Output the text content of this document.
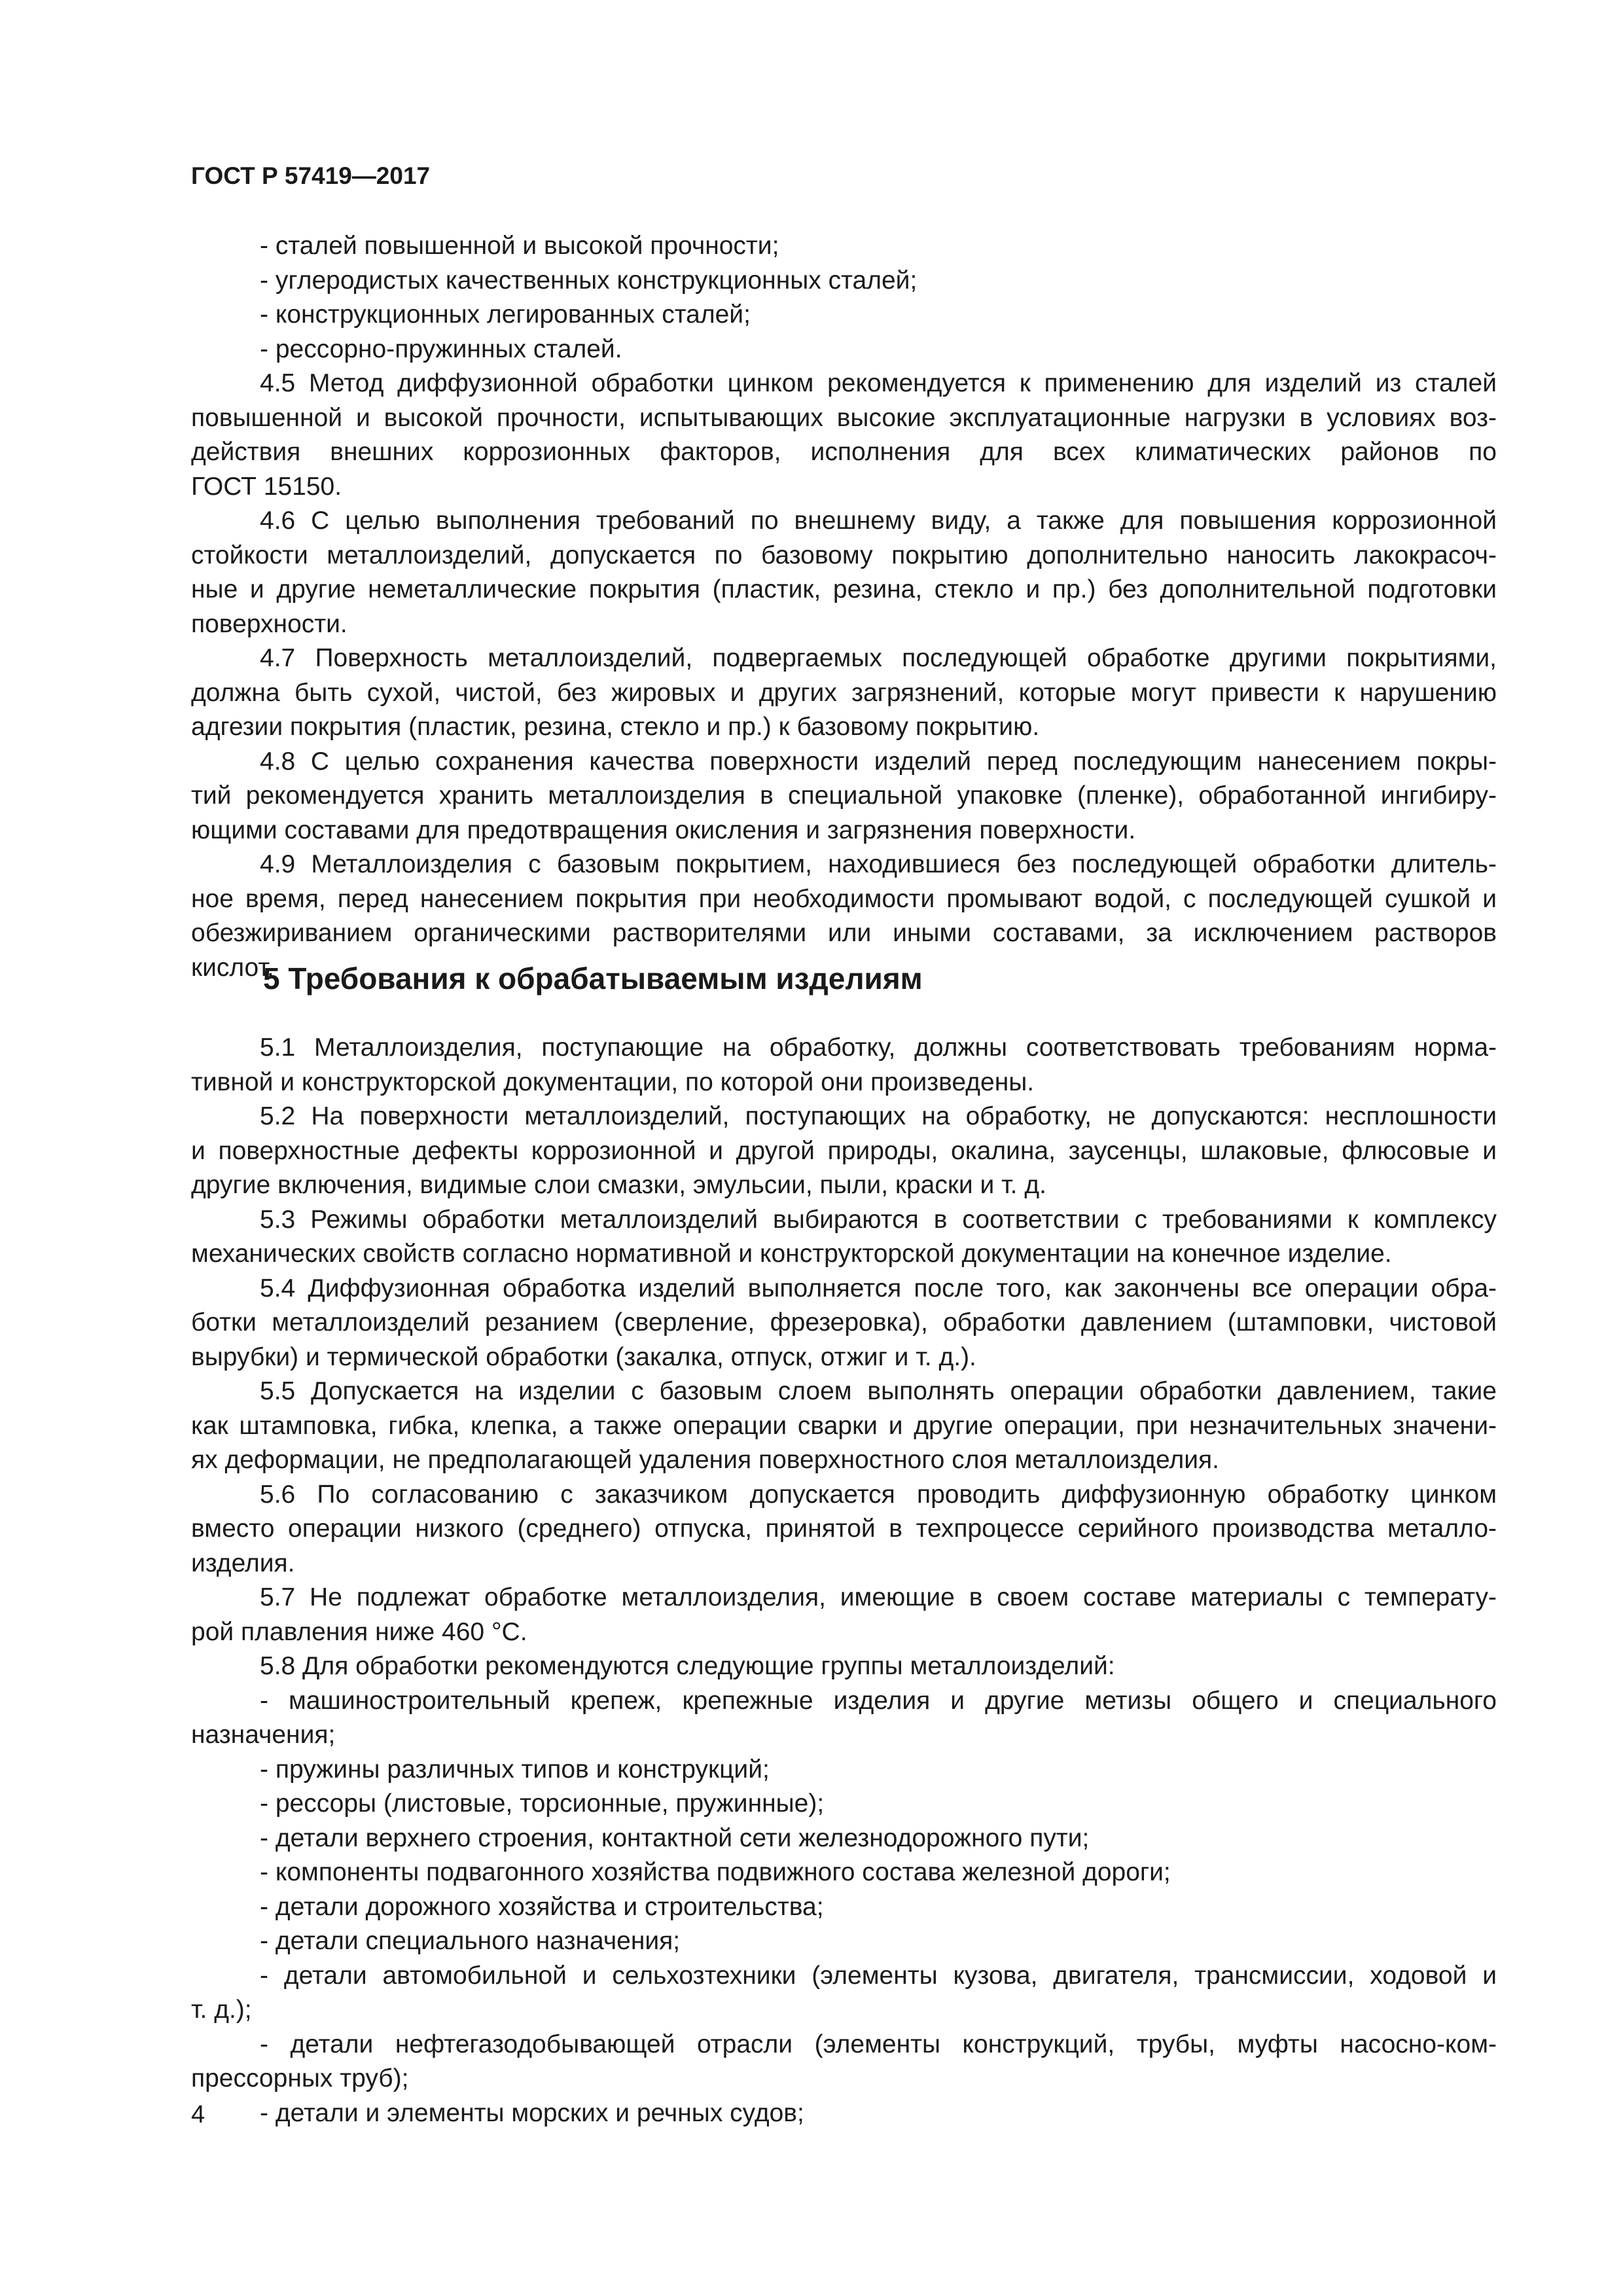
ГОСТ Р 57419—2017
- сталей повышенной и высокой прочности;
- углеродистых качественных конструкционных сталей;
- конструкционных легированных сталей;
- рессорно-пружинных сталей.
4.5 Метод диффузионной обработки цинком рекомендуется к применению для изделий из сталей
повышенной и высокой прочности, испытывающих высокие эксплуатационные нагрузки в условиях воз-
действия внешних коррозионных факторов, исполнения для всех климатических районов по
ГОСТ 15150.
4.6 С целью выполнения требований по внешнему виду, а также для повышения коррозионной
стойкости металлоизделий, допускается по базовому покрытию дополнительно наносить лакокрасоч-
ные и другие неметаллические покрытия (пластик, резина, стекло и пр.) без дополнительной подготовки
поверхности.
4.7 Поверхность металлоизделий, подвергаемых последующей обработке другими покрытиями,
должна быть сухой, чистой, без жировых и других загрязнений, которые могут привести к нарушению
адгезии покрытия (пластик, резина, стекло и пр.) к базовому покрытию.
4.8 С целью сохранения качества поверхности изделий перед последующим нанесением покры-
тий рекомендуется хранить металлоизделия в специальной упаковке (пленке), обработанной ингибиру-
ющими составами для предотвращения окисления и загрязнения поверхности.
4.9 Металлоизделия с базовым покрытием, находившиеся без последующей обработки длитель-
ное время, перед нанесением покрытия при необходимости промывают водой, с последующей сушкой и
обезжириванием органическими растворителями или иными составами, за исключением растворов
кислот.
5 Требования к обрабатываемым изделиям
5.1 Металлоизделия, поступающие на обработку, должны соответствовать требованиям норма-
тивной и конструкторской документации, по которой они произведены.
5.2 На поверхности металлоизделий, поступающих на обработку, не допускаются: несплошности
и поверхностные дефекты коррозионной и другой природы, окалина, заусенцы, шлаковые, флюсовые и
другие включения, видимые слои смазки, эмульсии, пыли, краски и т. д.
5.3 Режимы обработки металлоизделий выбираются в соответствии с требованиями к комплексу
механических свойств согласно нормативной и конструкторской документации на конечное изделие.
5.4 Диффузионная обработка изделий выполняется после того, как закончены все операции обра-
ботки металлоизделий резанием (сверление, фрезеровка), обработки давлением (штамповки, чистовой
вырубки) и термической обработки (закалка, отпуск, отжиг и т. д.).
5.5 Допускается на изделии с базовым слоем выполнять операции обработки давлением, такие
как штамповка, гибка, клепка, а также операции сварки и другие операции, при незначительных значени-
ях деформации, не предполагающей удаления поверхностного слоя металлоизделия.
5.6 По согласованию с заказчиком допускается проводить диффузионную обработку цинком
вместо операции низкого (среднего) отпуска, принятой в техпроцессе серийного производства металло-
изделия.
5.7 Не подлежат обработке металлоизделия, имеющие в своем составе материалы с температу-
рой плавления ниже 460 °С.
5.8 Для обработки рекомендуются следующие группы металлоизделий:
- машиностроительный крепеж, крепежные изделия и другие метизы общего и специального
назначения;
- пружины различных типов и конструкций;
- рессоры (листовые, торсионные, пружинные);
- детали верхнего строения, контактной сети железнодорожного пути;
- компоненты подвагонного хозяйства подвижного состава железной дороги;
- детали дорожного хозяйства и строительства;
- детали специального назначения;
- детали автомобильной и сельхозтехники (элементы кузова, двигателя, трансмиссии, ходовой и
т. д.);
- детали нефтегазодобывающей отрасли (элементы конструкций, трубы, муфты насосно-ком-
прессорных труб);
- детали и элементы морских и речных судов;
4
